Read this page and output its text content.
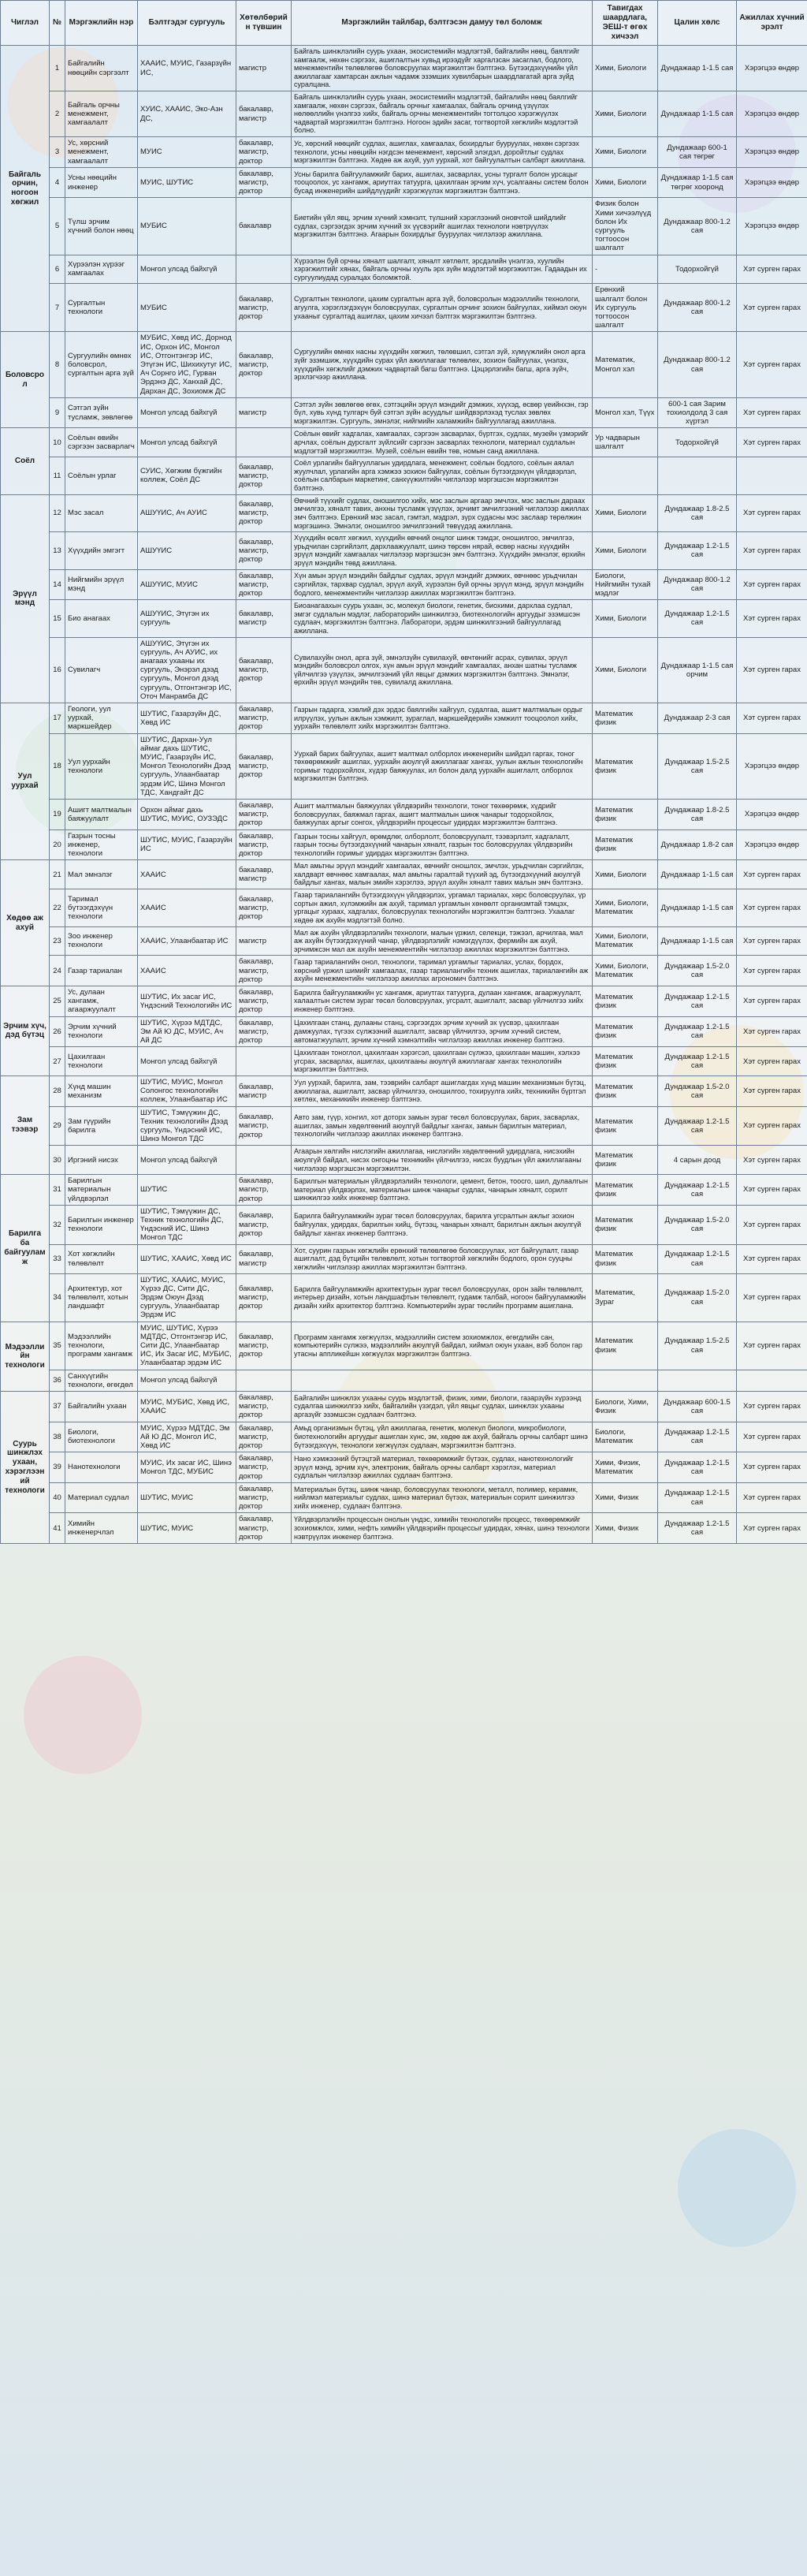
Чиглэл	№	Мэргэжлийн нэр	Бэлтгэдэг сургууль	Хөтөлбөрийн түвшин	Мэргэжлийн тайлбар, бэлтгэсэн дамуу төл боломж	Тавигдах шаардлага, ЭЕШ-т өгөх хичээл	Цалин хөлс	Ажиллах хүчний эрэлт
Байгаль орчин, ногоон хөгжил	1	Байгалийн нөөцийн сэргээлт	ХААИС, МУИС, Газарзүйн ИС,	магистр	Байгаль шинжлэлийн суурь ухаан, экосистемийн мэдлэгтэй, байгалийн нөөц, баялгийг хамгаалж, нөхөн сэргээх, ашиглалтын хувьд ирээдүйг харгалзсан засаглал, бодлого, менежментийн төлөвлөгөө боловсруулах мэргэжилтэн бэлтгэнэ. Бүтээгдэхүүнийн үйл ажиллагааг хамтарсан ажлын чадамж эзэмших хувилбарын шаардлагатай арга зүйд суралцана.	Хими, Биологи	Дундажаар 1-1.5 сая	Хэрэгцээ өндөр
	2	Байгаль орчны менежмент, хамгаалалт	ХУИС, ХААИС, Эко-Азн ДС,	бакалавр, магистр	Байгаль шинжлэлийн суурь ухаан, экосистемийн мэдлэгтэй, байгалийн нөөц баялгийг хамгаалж, нөхөн сэргээх, байгаль орчныг хамгаалах, байгаль орчинд үзүүлэх нөлөөллийн үнэлгээ хийх, байгаль орчны менежментийн тогтолцоо хэрэгжүүлэх чадвартай мэргэжилтэн бэлтгэнэ. Ногоон эдийн засаг, тогтвортой хөгжлийн мэдлэгтэй болно.	Хими, Биологи	Дундажаар 1-1.5 сая	Хэрэгцээ өндөр
	3	Ус, хөрсний менежмент, хамгаалалт	МУИС	бакалавр, магистр, доктор	Ус, хөрсний нөөцийг судлах, ашиглах, хамгаалах, бохирдлыг бууруулах, нөхөн сэргээх технологи, усны нөөцийн нэгдсэн менежмент, хөрсний элэгдэл, доройтлыг судлах мэргэжилтэн бэлтгэнэ. Хөдөө аж ахуй, уул уурхай, хот байгуулалтын салбарт ажиллана.	Хими, Биологи	Дундажаар 600-1 сая төгрөг	Хэрэгцээ өндөр
	4	Усны нөөцийн инженер	МУИС, ШУТИС	бакалавр, магистр, доктор	Усны барилга байгууламжийг барих, ашиглах, засварлах, усны тургалт болон урсацыг тооцоолох, ус хангамж, ариутгах татуурга, цахилгаан эрчим хүч, усалгааны систем болон бусад инженерийн шийдлүүдийг хэрэгжүүлэх мэргэжилтэн бэлтгэнэ.	Хими, Биологи	Дундажаар 1-1.5 сая төгрөг хооронд	Хэрэгцээ өндөр
	5	Түлш эрчим хүчний болон нөөц	МУБИС	бакалавр	Биетийн үйл явц, эрчим хүчний хэмнэлт, түлшний хэрэглээний оновчтой шийдлийг судлах, сэргээгдэх эрчим хүчний эх үүсвэрийг ашиглах технологи нэвтрүүлэх мэргэжилтэн бэлтгэнэ. Агаарын бохирдлыг бууруулах чиглэлээр ажиллана.	Физик болон Хими хичээлүүд болон Их сургууль тогтоосон шалгалт	Дундажаар 800-1.2 сая	Хэрэгцээ өндөр
	6	Хүрээлэн хүрээг хамгаалах	Монгол улсад байхгүй		Хүрээлэн буй орчны хяналт шалгалт, хяналт хөтлөлт, эрсдэлийн үнэлгээ, хуулийн хэрэгжилтийг хянах, байгаль орчны хууль эрх зүйн мэдлэгтэй мэргэжилтэн. Гадаадын их сургуулиудад суралцах боломжтой.	-	Тодорхойгүй	Хэт сурген гарах
	7	Сургалтын технологи	МУБИС	бакалавр, магистр, доктор	Сургалтын технологи, цахим сургалтын арга зүй, боловсролын мэдээллийн технологи, агуулга, хэрэглэгдэхүүн боловсруулах, сургалтын орчинг зохион байгуулах, хиймэл оюун ухааныг сургалтад ашиглах, цахим хичээл бэлтгэх мэргэжилтэн бэлтгэнэ.	Ерөнхий шалгалт болон Их сургууль тогтоосон шалгалт	Дундажаар 800-1.2 сая	Хэт сурген гарах
Боловсрол	8	Сургуулийн өмнөх боловсрол, сургалтын арга зүй	МУБИС, Хөвд ИС, Дорнод ИС, Орхон ИС, Монгол ИС, Отгонтэнгэр ИС, Этүгэн ИС, Шихихутуг ИС, Ач Сорнго ИС, Гурван Эрдэнэ ДС, Ханхай ДС, Дархан ДС, Зохиомж ДС	бакалавр, магистр, доктор	Сургуулийн өмнөх насны хүүхдийн хөгжил, төлөвшил, сэтгэл зүй, хүмүүжлийн онол арга зүйг эзэмшиж, хүүхдийн сурах үйл ажиллагааг төлөвлөх, зохион байгуулах, үнэлэх, хүүхдийн хөгжлийг дэмжих чадвартай багш бэлтгэнэ. Цэцэрлэгийн багш, арга зүйч, эрхлэгчээр ажиллана.	Математик, Монгол хэл	Дундажаар 800-1.2 сая	Хэт сурген гарах
	9	Сэтгэл зүйн тусламж, зөвлөгөө	Монгол улсад байхгүй	магистр	Сэтгэл зүйн зөвлөгөө өгөх, сэтгэцийн эрүүл мэндийг дэмжих, хүүхэд, өсвөр үеийнхэн, гэр бүл, хувь хүнд тулгарч буй сэтгэл зүйн асуудлыг шийдвэрлэхэд туслах зөвлөх мэргэжилтэн. Сургууль, эмнэлэг, нийгмийн халамжийн байгууллагад ажиллана.	Монгол хэл, Түүх	600-1 сая Зарим тохиолдолд 3 сая хүртэл	Хэт сурген гарах
Соёл	10	Соёлын өвийн сэргээн засварлагч	Монгол улсад байхгүй		Соёлын өвийг хадгалах, хамгаалах, сэргээн засварлах, бүртгэх, судлах, музейн үзмэрийг арчлах, соёлын дурсгалт зүйлсийг сэргээн засварлах технологи, материал судлалын мэдлэгтэй мэргэжилтэн. Музей, соёлын өвийн төв, номын санд ажиллана.	Ур чадварын шалгалт	Тодорхойгүй	Хэт сурген гарах
	11	Соёлын урлаг	СУИС, Хөгжим бүжгийн коллеж, Соёл ДС	бакалавр, магистр, доктор	Соёл урлагийн байгууллагын удирдлага, менежмент, соёлын бодлого, соёлын аялал жуулчлал, урлагийн арга хэмжээ зохион байгуулах, соёлын бүтээгдэхүүн үйлдвэрлэл, соёлын салбарын маркетинг, санхүүжилтийн чиглэлээр мэргэшсэн мэргэжилтэн бэлтгэнэ.			
Эрүүл мэнд	12	Мэс засал	АШУҮИС, Ач АУИС	бакалавр, магистр, доктор	Өвчний түүхийг судлах, оношилгоо хийх, мэс заслын аргаар эмчлэх, мэс заслын дараах эмчилгээ, хяналт тавих, анхны тусламж үзүүлэх, эрчимт эмчилгээний чиглэлээр ажиллах эмч бэлтгэнэ. Ерөнхий мэс засал, гэмтэл, мэдрэл, зүрх судасны мэс заслаар төрөлжин мэргэшинэ. Эмнэлэг, оношилгоо эмчилгээний төвүүдэд ажиллана.	Хими, Биологи	Дундажаар 1.8-2.5 сая	Хэт сурген гарах
	13	Хүүхдийн эмгэгт	АШУҮИС	бакалавр, магистр, доктор	Хүүхдийн өсөлт хөгжил, хүүхдийн өвчний онцлог шинж тэмдэг, оношилгоо, эмчилгээ, урьдчилан сэргийлэлт, дархлаажуулалт, шинэ төрсөн нярай, өсвөр насны хүүхдийн эрүүл мэндийг хамгаалах чиглэлээр мэргэшсэн эмч бэлтгэнэ. Хүүхдийн эмнэлэг, өрхийн эрүүл мэндийн төвд ажиллана.	Хими, Биологи	Дундажаар 1.2-1.5 сая	Хэт сурген гарах
	14	Нийгмийн эрүүл мэнд	АШУҮИС, МУИС	бакалавр, магистр, доктор	Хүн амын эрүүл мэндийн байдлыг судлах, эрүүл мэндийг дэмжих, өвчнөөс урьдчилан сэргийлэх, тархвар судлал, эрүүл ахуй, хүрээлэн буй орчны эрүүл мэнд, эрүүл мэндийн бодлого, менежментийн чиглэлээр ажиллах мэргэжилтэн бэлтгэнэ.	Биологи, Нийгмийн тухай мэдлэг	Дундажаар 800-1.2 сая	Хэт сурген гарах
	15	Био анагаах	АШУҮИС, Этүгэн их сургууль	бакалавр, магистр	Биоанагаахын суурь ухаан, эс, молекул биологи, генетик, биохими, дархлаа судлал, эмгэг судлалын мэдлэг, лабораторийн шинжилгээ, биотехнологийн аргуудыг эзэмшсэн судлаач, мэргэжилтэн бэлтгэнэ. Лаборатори, эрдэм шинжилгээний байгууллагад ажиллана.	Хими, Биологи	Дундажаар 1.2-1.5 сая	Хэт сурген гарах
	16	Сувилагч	АШУҮИС, Этүгэн их сургууль, Ач АУИС, их анагаах ухааны их сургууль, Энэрэл дээд сургууль, Монгол дээд сургууль, Отгонтэнгэр ИС, Оточ Манрамба ДС	бакалавр, магистр, доктор	Сувилахуйн онол, арга зүй, эмнэлзүйн сувилахуй, өвчтөнийг асрах, сувилах, эрүүл мэндийн боловсрол олгох, хүн амын эрүүл мэндийг хамгаалах, анхан шатны тусламж үйлчилгээ үзүүлэх, эмчилгээний үйл явцыг дэмжих мэргэжилтэн бэлтгэнэ. Эмнэлэг, өрхийн эрүүл мэндийн төв, сувилалд ажиллана.	Хими, Биологи	Дундажаар 1-1.5 сая орчим	Хэт сурген гарах
Уул уурхай	17	Геологи, уул уурхай, маркшейдер	ШУТИС, Газарзүйн ДС, Хөвд ИС	бакалавр, магистр, доктор	Газрын гадарга, хэвлий дэх эрдэс баялгийн хайгуул, судалгаа, ашигт малтмалын ордыг илрүүлэх, уулын ажлын хэмжилт, зураглал, маркшейдерийн хэмжилт тооцоолол хийх, уурхайн төлөвлөлт хийх мэргэжилтэн бэлтгэнэ.	Математик физик	Дундажаар 2-3 сая	Хэт сурген гарах
	18	Уул уурхайн технологи	ШУТИС, Дархан-Уул аймаг дахь ШУТИС, МУИС, Газарзүйн ИС, Монгол Технологийн Дээд сургууль, Улаанбаатар эрдэм ИС, Шинэ Монгол ТДС, Хандгайт ДС	бакалавр, магистр, доктор	Уурхай барих байгуулах, ашигт малтмал олборлох инженерийн шийдэл гаргах, тоног төхөөрөмжийг ашиглах, уурхайн аюулгүй ажиллагааг хангах, уулын ажлын технологийн горимыг тодорхойлох, хүдэр баяжуулах, ил болон далд уурхайн ашиглалт, олборлох мэргэжилтэн бэлтгэнэ.	Математик физик	Дундажаар 1.5-2.5 сая	Хэрэгцээ өндөр
	19	Ашигт малтмалын баяжуулалт	Орхон аймаг дахь ШУТИС, МУИС, ОУЗЭДС	бакалавр, магистр, доктор	Ашигт малтмалын баяжуулах үйлдвэрийн технологи, тоног төхөөрөмж, хүдрийг боловсруулах, баяжмал гаргах, ашигт малтмалын шинж чанарыг тодорхойлох, баяжуулах аргыг сонгох, үйлдвэрийн процессыг удирдах мэргэжилтэн бэлтгэнэ.	Математик физик	Дундажаар 1.8-2.5 сая	Хэрэгцээ өндөр
	20	Газрын тосны инженер, технологи	ШУТИС, МУИС, Газарзүйн ИС	бакалавр, магистр, доктор	Газрын тосны хайгуул, өрөмдлөг, олборлолт, боловсруулалт, тээвэрлэлт, хадгалалт, газрын тосны бүтээгдэхүүний чанарын хяналт, газрын тос боловсруулах үйлдвэрийн технологийн горимыг удирдах мэргэжилтэн бэлтгэнэ.	Математик физик	Дундажаар 1.8-2 сая	Хэрэгцээ өндөр
Хөдөө аж ахуй	21	Мал эмнэлэг	ХААИС	бакалавр, магистр	Мал амьтны эрүүл мэндийг хамгаалах, өвчнийг оношлох, эмчлэх, урьдчилан сэргийлэх, халдварт өвчнөөс хамгаалах, мал амьтны гаралтай түүхий эд, бүтээгдэхүүний аюулгүй байдлыг хангах, малын эмийн хэрэглээ, эрүүл ахуйн хяналт тавих малын эмч бэлтгэнэ.	Хими, Биологи	Дундажаар 1-1.5 сая	Хэт сурген гарах
	22	Таримал бүтээгдэхүүн технологи	ХААИС	бакалавр, магистр, доктор	Газар тариалангийн бүтээгдэхүүн үйлдвэрлэх, ургамал тариалах, хөрс боловсруулах, үр сортын ажил, хүлэмжийн аж ахуй, таримал ургамлын хөнөөлт организмтай тэмцэх, ургацыг хураах, хадгалах, боловсруулах технологийн мэргэжилтэн бэлтгэнэ. Ухаалаг хөдөө аж ахуйн мэдлэгтэй болно.	Хими, Биологи, Математик	Дундажаар 1-1.5 сая	Хэт сурген гарах
	23	Зоо инженер технологи	ХААИС, Улаанбаатар ИС	магистр	Мал аж ахуйн үйлдвэрлэлийн технологи, малын үржил, селекци, тэжээл, арчилгаа, мал аж ахуйн бүтээгдэхүүний чанар, үйлдвэрлэлийг нэмэгдүүлэх, фермийн аж ахуй, эрчимжсэн мал аж ахуйн менежментийн чиглэлээр ажиллах мэргэжилтэн бэлтгэнэ.	Хими, Биологи, Математик	Дундажаар 1-1.5 сая	Хэт сурген гарах
	24	Газар тариалан	ХААИС	бакалавр, магистр, доктор	Газар тариалангийн онол, технологи, таримал ургамлыг тариалах, услах, бордох, хөрсний үржил шимийг хамгаалах, газар тариалангийн техник ашиглах, тариалангийн аж ахуйн менежментийн чиглэлээр ажиллах агрономич бэлтгэнэ.	Хими, Биологи, Математик	Дундажаар 1.5-2.0 сая	Хэт сурген гарах
Эрчим хүч, дэд бүтэц	25	Ус, дулаан хангамж, агааржуулалт	ШУТИС, Их засаг ИС, Үндэсний Технологийн ИС	бакалавр, магистр, доктор	Барилга байгууламжийн ус хангамж, ариутгах татуурга, дулаан хангамж, агааржуулалт, халаалтын систем зураг төсөл боловсруулах, угсралт, ашиглалт, засвар үйлчилгээ хийх инженер бэлтгэнэ.	Математик физик	Дундажаар 1.2-1.5 сая	Хэт сурген гарах
	26	Эрчим хүчний технологи	ШУТИС, Хүрээ МДТДС, Эм Ай Ю ДС, МУИС, Ач Ай ДС	бакалавр, магистр, доктор	Цахилгаан станц, дулааны станц, сэргээгдэх эрчим хүчний эх үүсвэр, цахилгаан дамжуулах, түгээх сүлжээний ашиглалт, засвар үйлчилгээ, эрчим хүчний систем, автоматжуулалт, эрчим хүчний хэмнэлтийн чиглэлээр ажиллах инженер бэлтгэнэ.	Математик физик	Дундажаар 1.2-1.5 сая	Хэт сурген гарах
	27	Цахилгаан технологи	Монгол улсад байхгүй		Цахилгаан тоноглол, цахилгаан хэрэгсэл, цахилгаан сүлжээ, цахилгаан машин, хэлхээ угсрах, засварлах, ашиглах, цахилгааны аюулгүй ажиллагааг хангах технологийн мэргэжилтэн бэлтгэнэ.	Математик физик	Дундажаар 1.2-1.5 сая	Хэт сурген гарах
Зам тээвэр	28	Хүнд машин механизм	ШУТИС, МУИС, Монгол Солонгос технологийн коллеж, Улаанбаатар ИС	бакалавр, магистр	Уул уурхай, барилга, зам, тээврийн салбарт ашиглагдах хүнд машин механизмын бүтэц, ажиллагаа, ашиглалт, засвар үйлчилгээ, оношилгоо, тохируулга хийх, техникийн бүртгэл хөтлөх, механикийн инженер бэлтгэнэ.	Математик физик	Дундажаар 1.5-2.0 сая	Хэт сурген гарах
	29	Зам гүүрийн барилга	ШУТИС, Тэмүүжин ДС, Техник технологийн Дээд сургууль, Үндэсний ИС, Шинэ Монгол ТДС	бакалавр, магистр, доктор	Авто зам, гүүр, хонгил, хот доторх замын зураг төсөл боловсруулах, барих, засварлах, ашиглах, замын хөдөлгөөний аюулгүй байдлыг хангах, замын барилгын материал, технологийн чиглэлээр ажиллах инженер бэлтгэнэ.	Математик физик	Дундажаар 1.2-1.5 сая	Хэт сурген гарах
	30	Иргэний нисэх	Монгол улсад байхгүй		Агаарын хөлгийн нислэгийн ажиллагаа, нислэгийн хөдөлгөөний удирдлага, нисэхийн аюулгүй байдал, нисэх онгоцны техникийн үйлчилгээ, нисэх буудлын үйл ажиллагааны чиглэлээр мэргэшсэн мэргэжилтэн.	Математик физик	4 сарын доод	Хэт сурген гарах
Барилга ба байгууламж	31	Барилгын материалын үйлдвэрлэл	ШУТИС	бакалавр, магистр, доктор	Барилгын материалын үйлдвэрлэлийн технологи, цемент, бетон, тоосго, шил, дулаалгын материал үйлдвэрлэх, материалын шинж чанарыг судлах, чанарын хяналт, сорилт шинжилгээ хийх инженер бэлтгэнэ.	Математик физик	Дундажаар 1.2-1.5 сая	Хэт сурген гарах
	32	Барилгын инженер технологи	ШУТИС, Тэмүүжин ДС, Техник технологийн ДС, Үндэсний ИС, Шинэ Монгол ТДС	бакалавр, магистр, доктор	Барилга байгууламжийн зураг төсөл боловсруулах, барилга угсралтын ажлыг зохион байгуулах, удирдах, барилгын хийц, бүтээц, чанарын хяналт, барилгын ажлын аюулгүй байдлыг хангах инженер бэлтгэнэ.	Математик физик	Дундажаар 1.5-2.0 сая	Хэт сурген гарах
	33	Хот хөгжлийн төлөвлөлт	ШУТИС, ХААИС, Хөвд ИС	бакалавр, магистр	Хот, суурин газрын хөгжлийн ерөнхий төлөвлөгөө боловсруулах, хот байгуулалт, газар ашиглалт, дэд бүтцийн төлөвлөлт, хотын тогтвортой хөгжлийн бодлого, орон сууцны хөгжлийн чиглэлээр ажиллах мэргэжилтэн бэлтгэнэ.	Математик физик	Дундажаар 1.2-1.5 сая	Хэт сурген гарах
	34	Архитектур, хот төлөвлөлт, хотын ландшафт	ШУТИС, ХААИС, МУИС, Хүрээ ДС, Сити ДС, Эрдэм Оюун Дээд сургууль, Улаанбаатар Эрдэм ИС	бакалавр, магистр, доктор	Барилга байгууламжийн архитектурын зураг төсөл боловсруулах, орон зайн төлөвлөлт, интерьер дизайн, хотын ландшафтын төлөвлөлт, гудамж талбай, ногоон байгууламжийн дизайн хийх архитектор бэлтгэнэ. Компьютерийн зураг төслийн программ ашиглана.	Математик, Зураг	Дундажаар 1.5-2.0 сая	Хэт сурген гарах
Мэдээллийн технологи	35	Мэдээллийн технологи, программ хангамж	МУИС, ШУТИС, Хүрээ МДТДС, Отгонтэнгэр ИС, Сити ДС, Улаанбаатар ИС, Их Засаг ИС, МУБИС, Улаанбаатар эрдэм ИС	бакалавр, магистр, доктор	Программ хангамж хөгжүүлэх, мэдээллийн систем зохиомжлох, өгөгдлийн сан, компьютерийн сүлжээ, мэдээллийн аюулгүй байдал, хиймэл оюун ухаан, вэб болон гар утасны аппликейшн хөгжүүлэх мэргэжилтэн бэлтгэнэ.	Математик физик	Дундажаар 1.5-2.5 сая	Хэт сурген гарах
	36	Санхүүгийн технологи, өгөгдөл	Монгол улсад байхгүй					
Суурь шинжлэх ухаан, хэрэглээний технологи	37	Байгалийн ухаан	МУИС, МУБИС, Хөвд ИС, ХААИС	бакалавр, магистр, доктор	Байгалийн шинжлэх ухааны суурь мэдлэгтэй, физик, хими, биологи, газарзүйн хүрээнд судалгаа шинжилгээ хийх, байгалийн үзэгдэл, үйл явцыг судлах, шинжлэх ухааны аргазүйг эзэмшсэн судлаач бэлтгэнэ.	Биологи, Хими, Физик	Дундажаар 600-1.5 сая	Хэт сурген гарах
	38	Биологи, биотехнологи	МУИС, Хүрээ МДТДС, Эм Ай Ю ДС, Монгол ИС, Хөвд ИС	бакалавр, магистр, доктор	Амьд организмын бүтэц, үйл ажиллагаа, генетик, молекул биологи, микробиологи, биотехнологийн аргуудыг ашиглан хүнс, эм, хөдөө аж ахуй, байгаль орчны салбарт шинэ бүтээгдэхүүн, технологи хөгжүүлэх судлаач, мэргэжилтэн бэлтгэнэ.	Биологи, Математик	Дундажаар 1.2-1.5 сая	Хэт сурген гарах
	39	Нанотехнологи	МУИС, Их засаг ИС, Шинэ Монгол ТДС, МУБИС	бакалавр, магистр, доктор	Нано хэмжээний бүтэцтэй материал, төхөөрөмжийг бүтээх, судлах, нанотехнологийг эрүүл мэнд, эрчим хүч, электроник, байгаль орчны салбарт хэрэглэх, материал судлалын чиглэлээр ажиллах судлаач бэлтгэнэ.	Хими, Физик, Математик	Дундажаар 1.2-1.5 сая	Хэт сурген гарах
	40	Материал судлал	ШУТИС, МУИС	бакалавр, магистр, доктор	Материалын бүтэц, шинж чанар, боловсруулах технологи, металл, полимер, керамик, нийлмэл материалыг судлах, шинэ материал бүтээх, материалын сорилт шинжилгээ хийх инженер, судлаач бэлтгэнэ.	Хими, Физик	Дундажаар 1.2-1.5 сая	Хэт сурген гарах
	41	Химийн инженерчлэл	ШУТИС, МУИС	бакалавр, магистр, доктор	Үйлдвэрлэлийн процессын онолын үндэс, химийн технологийн процесс, төхөөрөмжийг зохиомжлох, хими, нефть химийн үйлдвэрийн процессыг удирдах, хянах, шинэ технологи нэвтрүүлэх инженер бэлтгэнэ.	Хими, Физик	Дундажаар 1.2-1.5 сая	Хэт сурген гарах
